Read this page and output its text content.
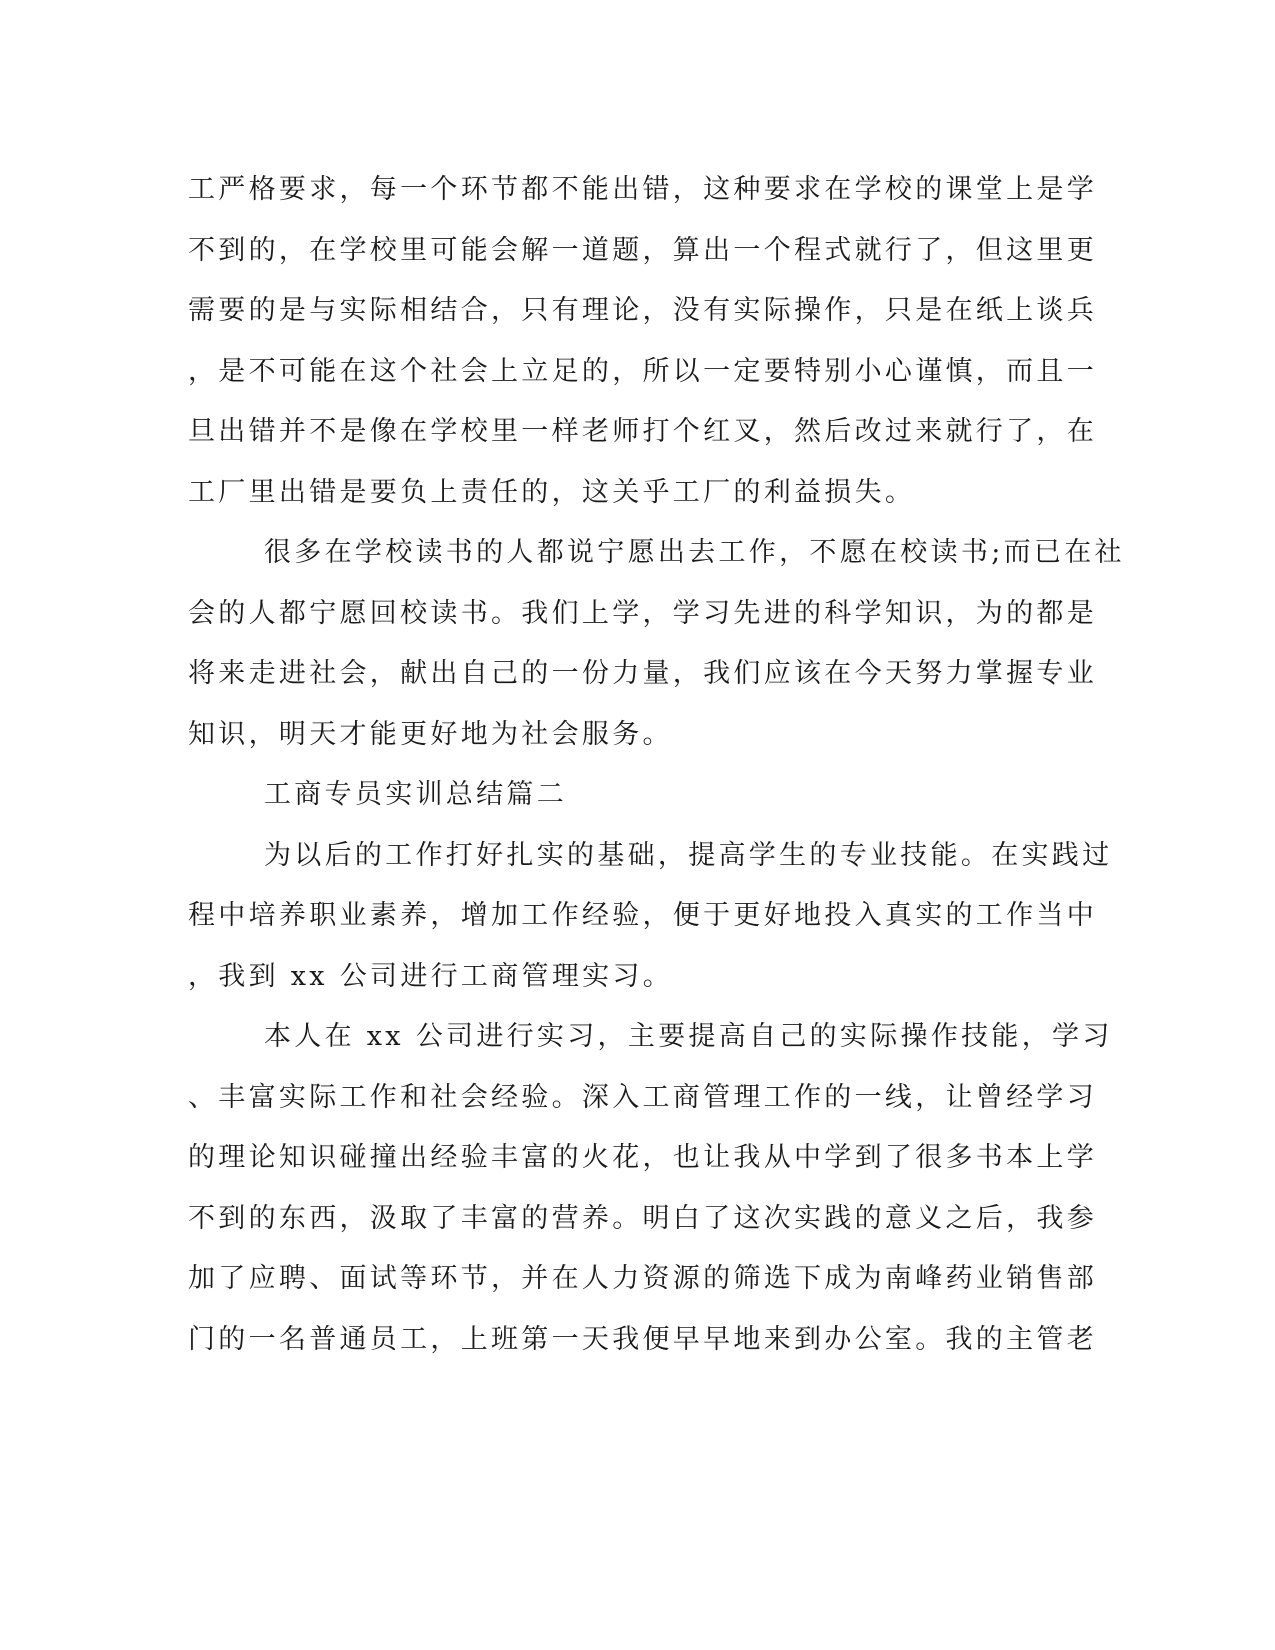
工严格要求，每一个环节都不能出错，这种要求在学校的课堂上是学
不到的，在学校里可能会解一道题，算出一个程式就行了，但这里更
需要的是与实际相结合，只有理论，没有实际操作，只是在纸上谈兵
，是不可能在这个社会上立足的，所以一定要特别小心谨慎，而且一
旦出错并不是像在学校里一样老师打个红叉，然后改过来就行了，在
工厂里出错是要负上责任的，这关乎工厂的利益损失。
很多在学校读书的人都说宁愿出去工作，不愿在校读书;而已在社
会的人都宁愿回校读书。我们上学，学习先进的科学知识，为的都是
将来走进社会，献出自己的一份力量，我们应该在今天努力掌握专业
知识，明天才能更好地为社会服务。
工商专员实训总结篇二
为以后的工作打好扎实的基础，提高学生的专业技能。在实践过
程中培养职业素养，增加工作经验，便于更好地投入真实的工作当中
，我到 xx 公司进行工商管理实习。
本人在 xx 公司进行实习，主要提高自己的实际操作技能，学习
、丰富实际工作和社会经验。深入工商管理工作的一线，让曾经学习
的理论知识碰撞出经验丰富的火花，也让我从中学到了很多书本上学
不到的东西，汲取了丰富的营养。明白了这次实践的意义之后，我参
加了应聘、面试等环节，并在人力资源的筛选下成为南峰药业销售部
门的一名普通员工，上班第一天我便早早地来到办公室。我的主管老
